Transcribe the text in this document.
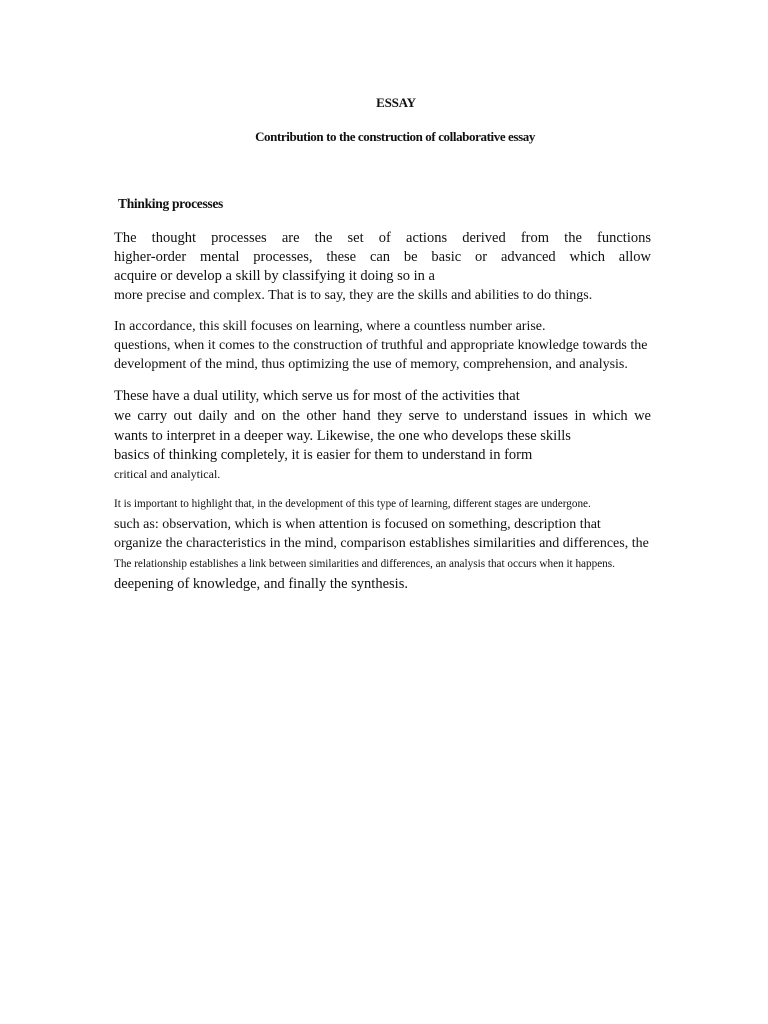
ESSAY
Contribution to the construction of collaborative essay
Thinking processes
The thought processes are the set of actions derived from the functions
higher-order mental processes, these can be basic or advanced which allow
acquire or develop a skill by classifying it doing so in a
more precise and complex. That is to say, they are the skills and abilities to do things.
In accordance, this skill focuses on learning, where a countless number arise.
questions, when it comes to the construction of truthful and appropriate knowledge towards the
development of the mind, thus optimizing the use of memory, comprehension, and analysis.
These have a dual utility, which serve us for most of the activities that
we carry out daily and on the other hand they serve to understand issues in which we
wants to interpret in a deeper way. Likewise, the one who develops these skills
basics of thinking completely, it is easier for them to understand in form
critical and analytical.
It is important to highlight that, in the development of this type of learning, different stages are undergone.
such as: observation, which is when attention is focused on something, description that
organize the characteristics in the mind, comparison establishes similarities and differences, the
The relationship establishes a link between similarities and differences, an analysis that occurs when it happens.
deepening of knowledge, and finally the synthesis.
